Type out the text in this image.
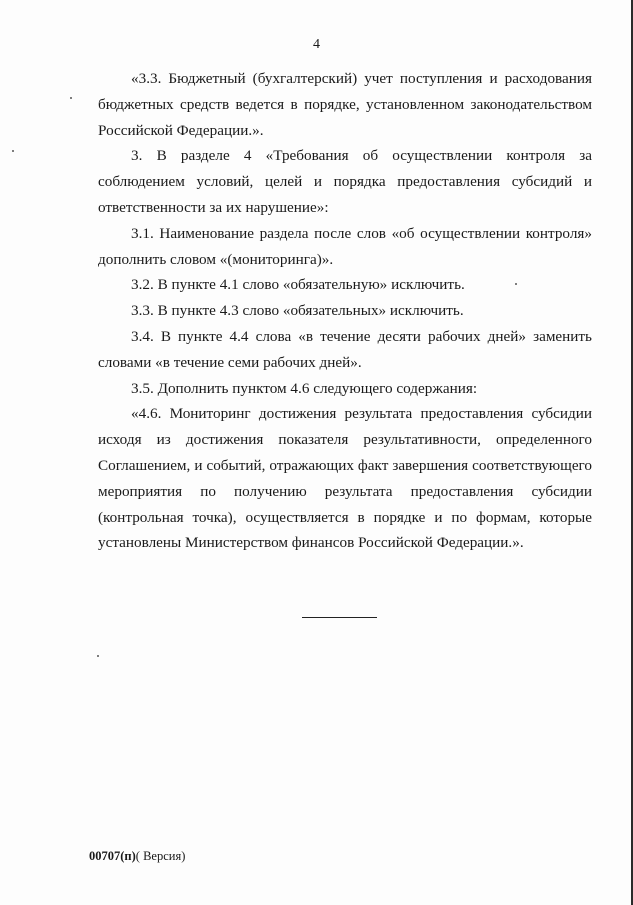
4

«3.3. Бюджетный (бухгалтерский) учет поступления и расходования бюджетных средств ведется в порядке, установленном законодательством Российской Федерации.».

3. В разделе 4 «Требования об осуществлении контроля за соблюдением условий, целей и порядка предоставления субсидий и ответственности за их нарушение»:

3.1. Наименование раздела после слов «об осуществлении контроля» дополнить словом «(мониторинга)».

3.2. В пункте 4.1 слово «обязательную» исключить.

3.3. В пункте 4.3 слово «обязательных» исключить.

3.4. В пункте 4.4 слова «в течение десяти рабочих дней» заменить словами «в течение семи рабочих дней».

3.5. Дополнить пунктом 4.6 следующего содержания:

«4.6. Мониторинг достижения результата предоставления субсидии исходя из достижения показателя результативности, определенного Соглашением, и событий, отражающих факт завершения соответствующего мероприятия по получению результата предоставления субсидии (контрольная точка), осуществляется в порядке и по формам, которые установлены Министерством финансов Российской Федерации.».

00707(п)( Версия)
